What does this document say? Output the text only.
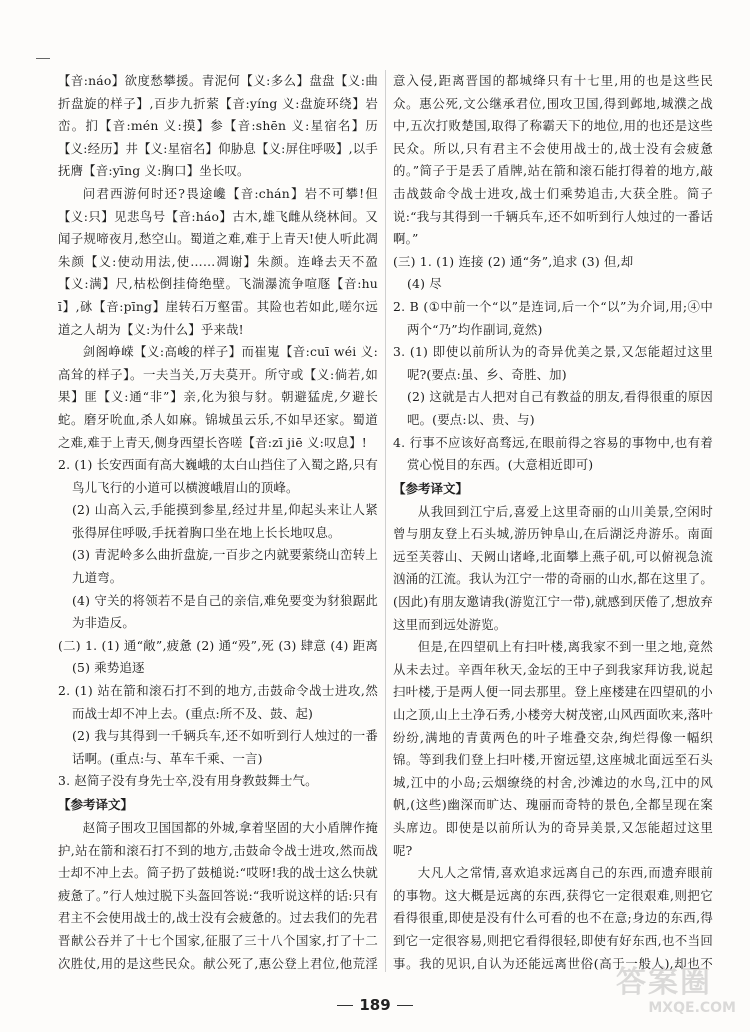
【音:náo】欲度愁攀援。青泥何【义:多么】盘盘【义:曲折盘旋的样子】,百步九折萦【音:yíng 义:盘旋环绕】岩峦。扪【音:mén 义:摸】参【音:shēn 义:星宿名】历【义:经历】井【义:星宿名】仰胁息【义:屏住呼吸】,以手抚膺【音:yīng 义:胸口】坐长叹。

问君西游何时还?畏途巉【音:chán】岩不可攀!但【义:只】见悲鸟号【音:háo】古木,雄飞雌从绕林间。又闻子规啼夜月,愁空山。蜀道之难,难于上青天!使人听此凋朱颜【义:使动用法,使……凋谢】朱颜。连峰去天不盈【义:满】尺,枯松倒挂倚绝壁。飞湍瀑流争喧豗【音:huī】,砯【音:pīng】崖转石万壑雷。其险也若如此,嗟尔远道之人胡为【义:为什么】乎来哉!

剑阁峥嵘【义:高峻的样子】而崔嵬【音:cuī wéi 义:高耸的样子】。一夫当关,万夫莫开。所守或【义:倘若,如果】匪【义:通“非”】亲,化为狼与豺。朝避猛虎,夕避长蛇。磨牙吮血,杀人如麻。锦城虽云乐,不如早还家。蜀道之难,难于上青天,侧身西望长咨嗟【音:zī jiē 义:叹息】!

2. (1) 长安西面有高大巍峨的太白山挡住了入蜀之路,只有鸟儿飞行的小道可以横渡峨眉山的顶峰。

(2) 山高入云,手能摸到参星,经过井星,仰起头来让人紧张得屏住呼吸,手抚着胸口坐在地上长长地叹息。

(3) 青泥岭多么曲折盘旋,一百步之内就要萦绕山峦转上九道弯。

(4) 守关的将领若不是自己的亲信,难免要变为豺狼踞此为非造反。

(二) 1. (1) 通“敞”,疲惫 (2) 通“殁”,死 (3) 肆意 (4) 距离 (5) 乘势追逐

2. (1) 站在箭和滚石打不到的地方,击鼓命令战士进攻,然而战士却不冲上去。(重点:所不及、鼓、起)

(2) 我与其得到一千辆兵车,还不如听到行人烛过的一番话啊。(重点:与、革车千乘、一言)

3. 赵简子没有身先士卒,没有用身教鼓舞士气。

【参考译文】

赵简子围攻卫国国都的外城,拿着坚固的大小盾牌作掩护,站在箭和滚石打不到的地方,击鼓命令战士进攻,然而战士却不冲上去。简子扔了鼓槌说:“哎呀!我的战士这么快就疲惫了。”行人烛过脱下头盔回答说:“我听说这样的话:只有君主不会使用战士的,战士没有会疲惫的。过去我们的先君晋献公吞并了十七个国家,征服了三十八个国家,打了十二次胜仗,用的是这些民众。献公死了,惠公登上君位,他荒淫

意入侵,距离晋国的都城绛只有十七里,用的也是这些民众。惠公死,文公继承君位,围攻卫国,得到邺地,城濮之战中,五次打败楚国,取得了称霸天下的地位,用的也还是这些民众。所以,只有君主不会使用战士的,战士没有会疲惫的。”简子于是丢了盾牌,站在箭和滚石能打得着的地方,敲击战鼓命令战士进攻,战士们乘势追击,大获全胜。简子说:“我与其得到一千辆兵车,还不如听到行人烛过的一番话啊。”

(三) 1. (1) 连接 (2) 通“务”,追求 (3) 但,却

(4) 尽

2. B (①中前一个“以”是连词,后一个“以”为介词,用;④中两个“乃”均作副词,竟然)

3. (1) 即使以前所认为的奇异优美之景,又怎能超过这里呢?(要点:虽、乡、奇胜、加)

(2) 这就是古人把对自己有教益的朋友,看得很重的原因吧。(要点:以、贵、与)

4. 行事不应该好高骛远,在眼前得之容易的事物中,也有着赏心悦目的东西。(大意相近即可)

【参考译文】

从我回到江宁后,喜爱上这里奇丽的山川美景,空闲时曾与朋友登上石头城,游历钟阜山,在后湖泛舟游乐。南面远至芙蓉山、天阙山诸峰,北面攀上燕子矶,可以俯视急流汹涌的江流。我认为江宁一带的奇丽的山水,都在这里了。(因此)有朋友邀请我(游览江宁一带),就感到厌倦了,想放弃这里而到远处游览。

但是,在四望矶上有扫叶楼,离我家不到一里之地,竟然从未去过。辛酉年秋天,金坛的王中子到我家拜访我,说起扫叶楼,于是两人便一同去那里。登上座楼建在四望矶的小山之顶,山上土净石秀,小楼旁大树茂密,山风西面吹来,落叶纷纷,满地的青黄两色的叶子堆叠交杂,绚烂得像一幅织锦。等到我们登上扫叶楼,开窗远望,这座城北面远至石头城,江中的小岛;云烟缭绕的村舍,沙滩边的水鸟,江中的风帆,(这些)幽深而旷达、瑰丽而奇特的景色,全都呈现在案头席边。即使是以前所认为的奇异美景,又怎能超过这里呢?

大凡人之常情,喜欢追求远离自己的东西,而遗弃眼前的事物。这大概是远离的东西,获得它一定很艰难,则把它看得很重,即使是没有什么可看的也不在意;身边的东西,得到它一定很容易,则把它看得很轻,即使有好东西,也不当回事。我的见识,自认为还能远离世俗(高于一般人),却也不

189
答案圈
MXQE.COM
